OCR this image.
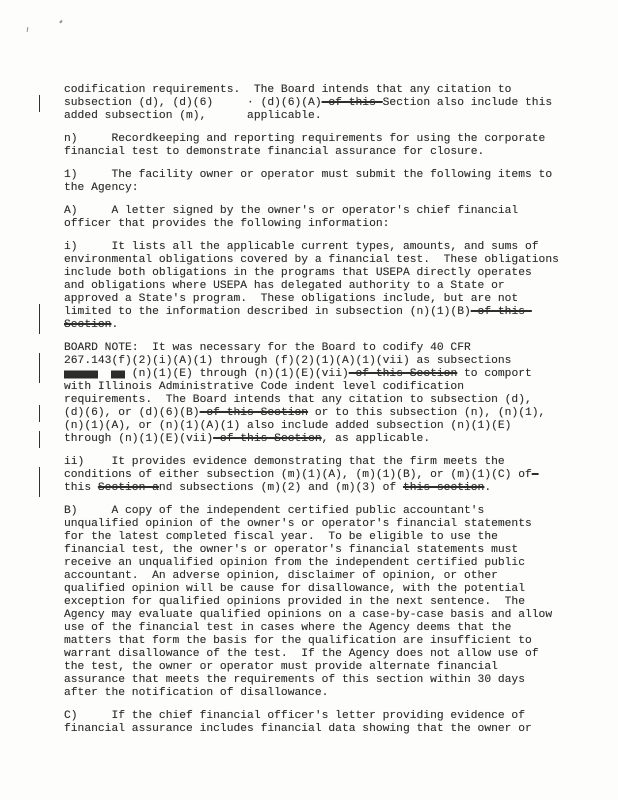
codification requirements.  The Board intends that any citation to
subsection (d), (d)(6)     · (d)(6)(A) of this Section also include this
added subsection (m),      applicable.
n)     Recordkeeping and reporting requirements for using the corporate
financial test to demonstrate financial assurance for closure.
1)     The facility owner or operator must submit the following items to
the Agency:
A)     A letter signed by the owner's or operator's chief financial
officer that provides the following information:
i)     It lists all the applicable current types, amounts, and sums of
environmental obligations covered by a financial test.  These obligations
include both obligations in the programs that USEPA directly operates
and obligations where USEPA has delegated authority to a State or
approved a State's program.  These obligations include, but are not
limited to the information described in subsection (n)(1)(B) of this
Section.
BOARD NOTE:  It was necessary for the Board to codify 40 CFR
267.143(f)(2)(i)(A)(1) through (f)(2)(1)(A)(1)(vii) as subsections
(n)(1)(E) through (n)(1)(E)(vii) of this Section to comport
with Illinois Administrative Code indent level codification
requirements.  The Board intends that any citation to subsection (d),
(d)(6), or (d)(6)(B) of this Section or to this subsection (n), (n)(1),
(n)(1)(A), or (n)(1)(A)(1) also include added subsection (n)(1)(E)
through (n)(1)(E)(vii) of this Section, as applicable.
ii)    It provides evidence demonstrating that the firm meets the
conditions of either subsection (m)(1)(A), (m)(1)(B), or (m)(1)(C) of
this Section and subsections (m)(2) and (m)(3) of this section.
B)     A copy of the independent certified public accountant's
unqualified opinion of the owner's or operator's financial statements
for the latest completed fiscal year.  To be eligible to use the
financial test, the owner's or operator's financial statements must
receive an unqualified opinion from the independent certified public
accountant.  An adverse opinion, disclaimer of opinion, or other
qualified opinion will be cause for disallowance, with the potential
exception for qualified opinions provided in the next sentence.  The
Agency may evaluate qualified opinions on a case-by-case basis and allow
use of the financial test in cases where the Agency deems that the
matters that form the basis for the qualification are insufficient to
warrant disallowance of the test.  If the Agency does not allow use of
the test, the owner or operator must provide alternate financial
assurance that meets the requirements of this section within 30 days
after the notification of disallowance.
C)     If the chief financial officer's letter providing evidence of
financial assurance includes financial data showing that the owner or
